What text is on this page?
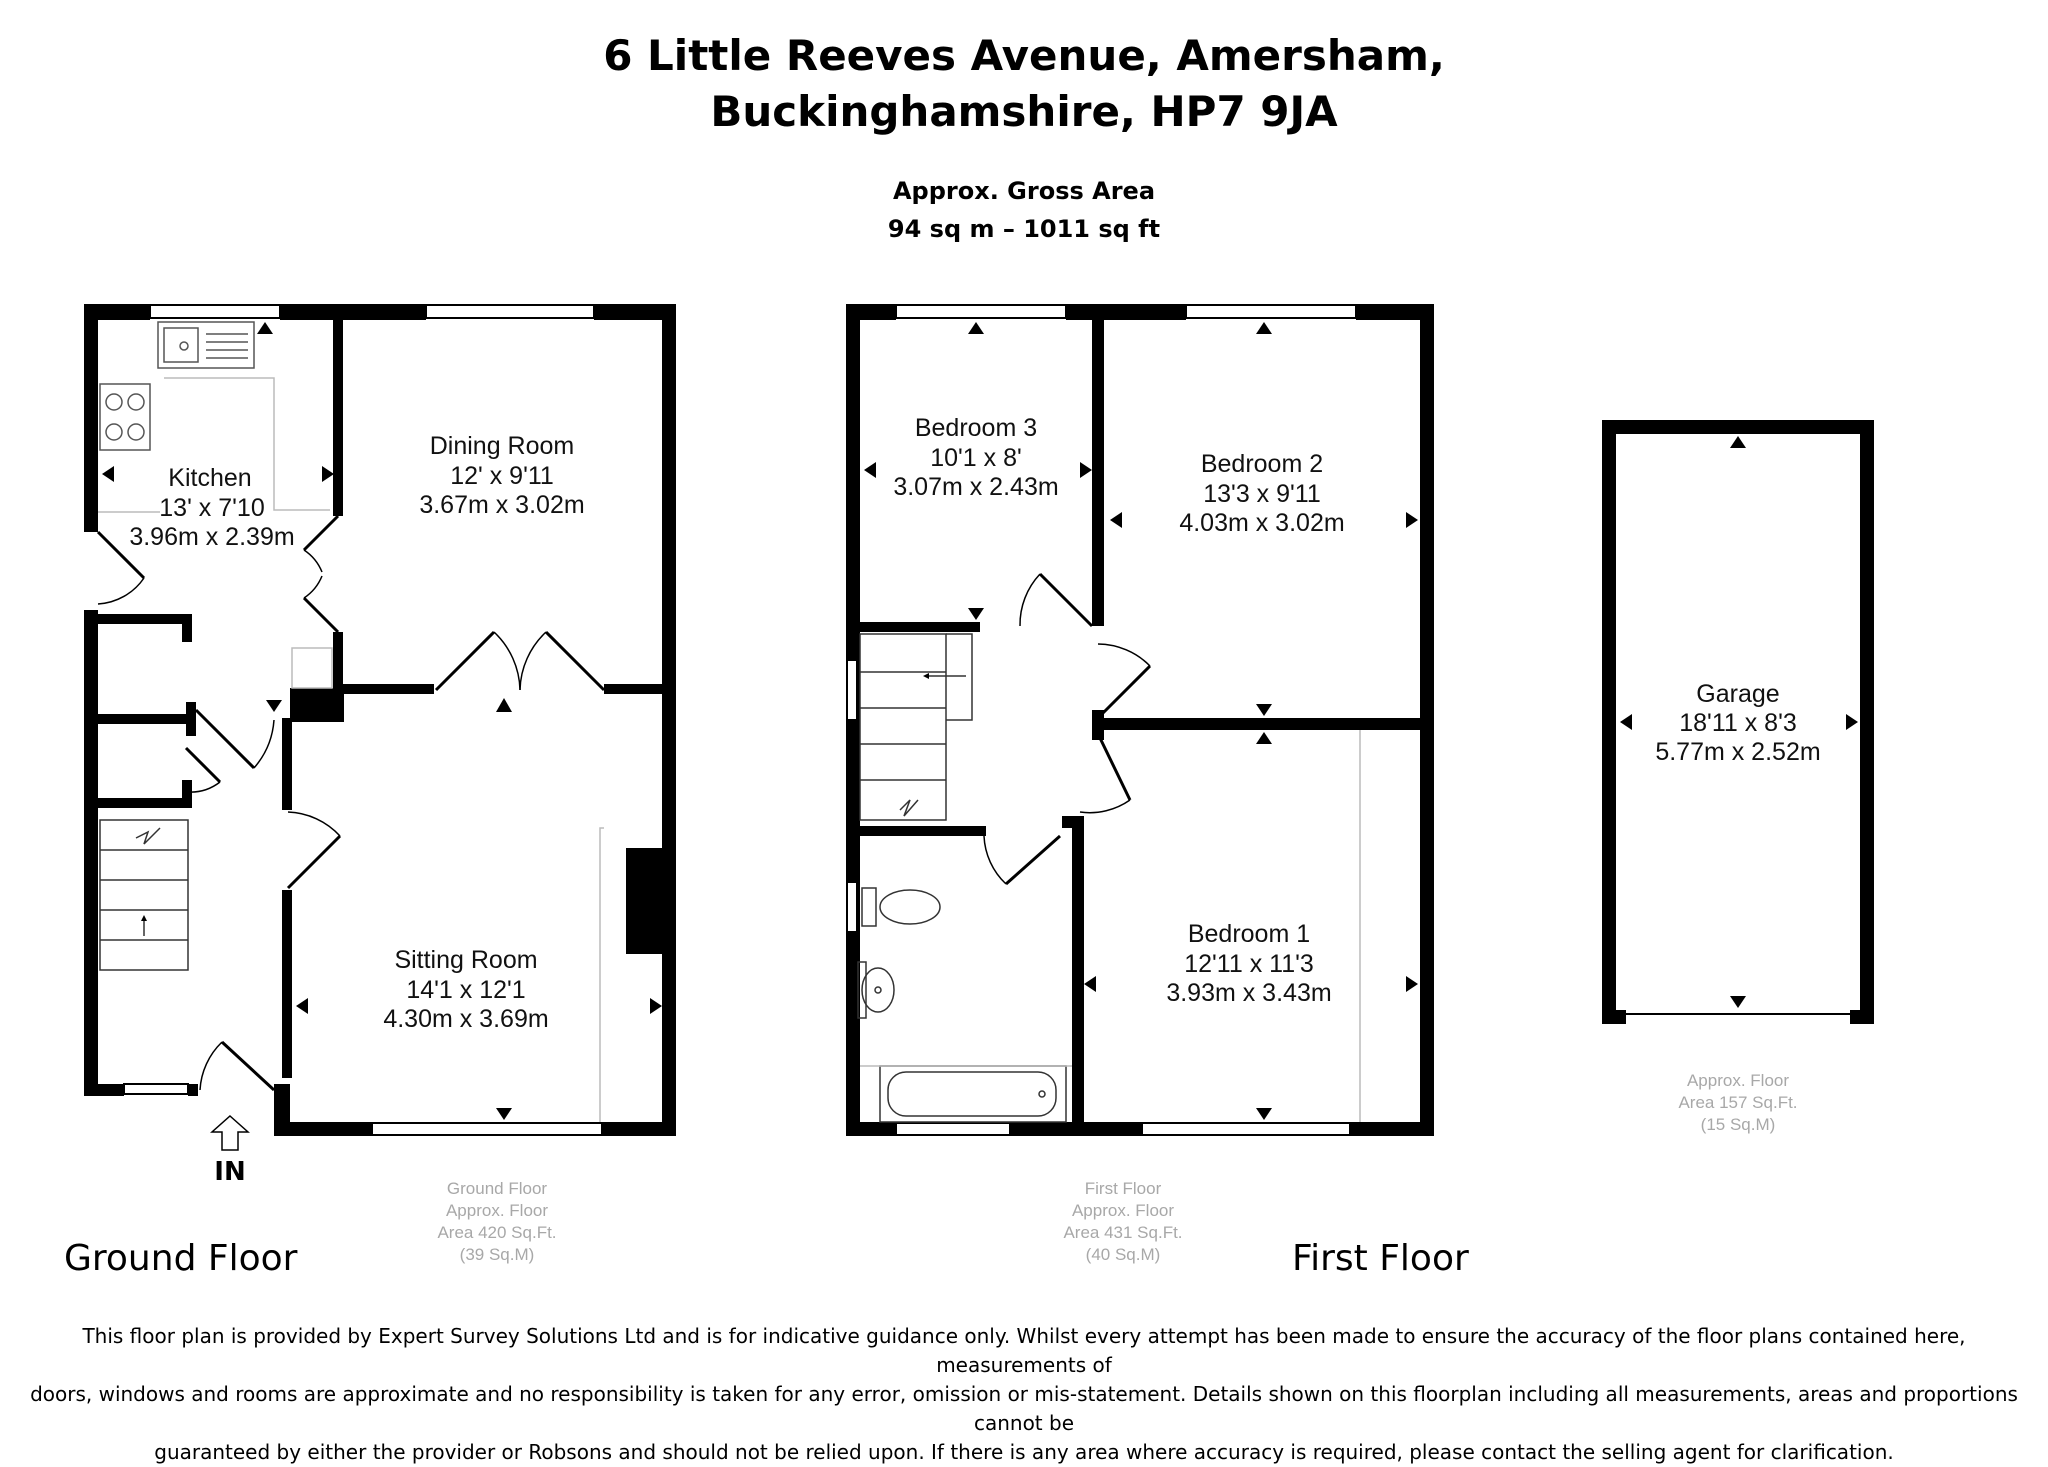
6 Little Reeves Avenue, Amersham,
Buckinghamshire, HP7 9JA
Approx. Gross Area
94 sq m – 1011 sq ft
Kitchen
13' x 7'10
3.96m x 2.39m
Dining Room
12' x 9'11
3.67m x 3.02m
Sitting Room
14'1 x 12'1
4.30m x 3.69m
Bedroom 3
10'1 x 8'
3.07m x 2.43m
Bedroom 2
13'3 x 9'11
4.03m x 3.02m
Bedroom 1
12'11 x 11'3
3.93m x 3.43m
Garage
18'11 x 8'3
5.77m x 2.52m
IN
Ground Floor
Approx. Floor
Area 420 Sq.Ft.
(39 Sq.M)
First Floor
Approx. Floor
Area 431 Sq.Ft.
(40 Sq.M)
Approx. Floor
Area 157 Sq.Ft.
(15 Sq.M)
Ground Floor	First Floor
This floor plan is provided by Expert Survey Solutions Ltd and is for indicative guidance only. Whilst every attempt has been made to ensure the accuracy of the floor plans contained here, measurements of
doors, windows and rooms are approximate and no responsibility is taken for any error, omission or mis-statement. Details shown on this floorplan including all measurements, areas and proportions cannot be
guaranteed by either the provider or Robsons and should not be relied upon. If there is any area where accuracy is required, please contact the selling agent for clarification.
